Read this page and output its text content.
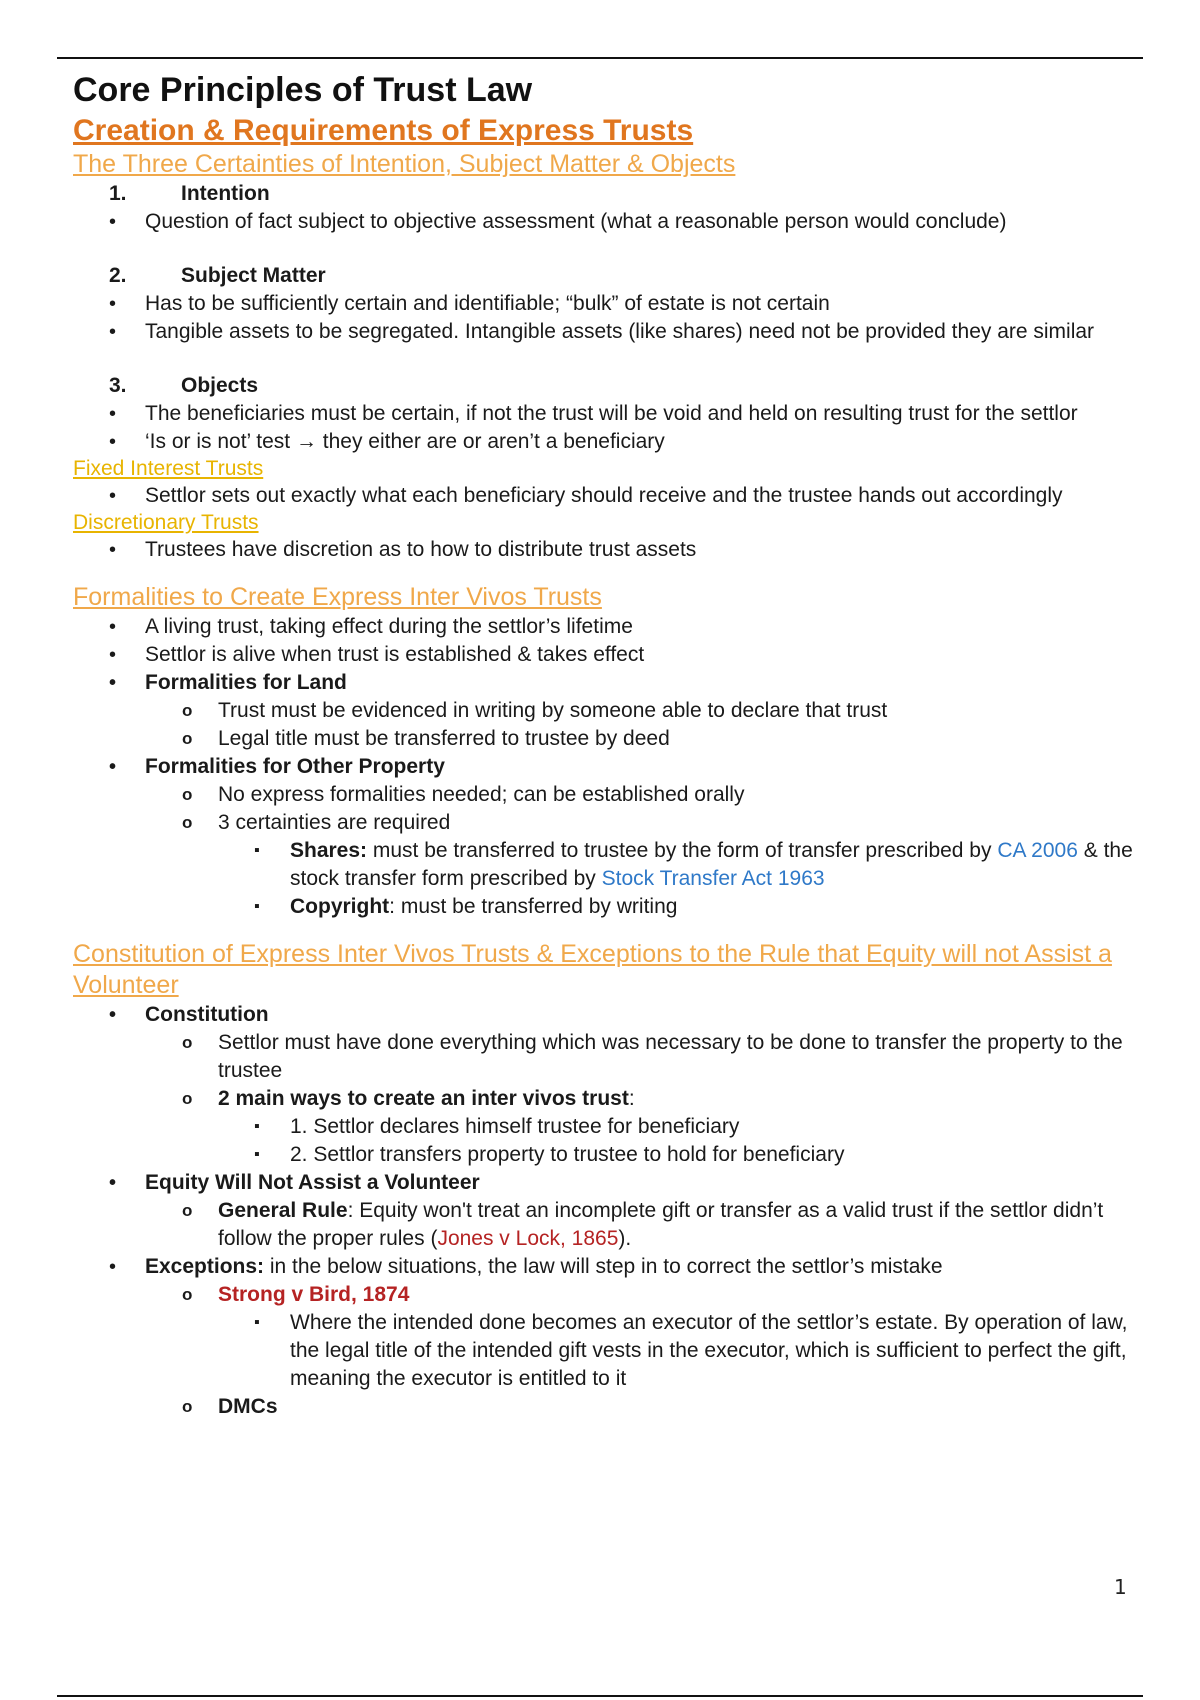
Core Principles of Trust Law
Creation & Requirements of Express Trusts
The Three Certainties of Intention, Subject Matter & Objects
1.	Intention
• Question of fact subject to objective assessment (what a reasonable person would conclude)
2.	Subject Matter
• Has to be sufficiently certain and identifiable; “bulk” of estate is not certain
• Tangible assets to be segregated. Intangible assets (like shares) need not be provided they are similar
3.	Objects
• The beneficiaries must be certain, if not the trust will be void and held on resulting trust for the settlor
• ‘Is or is not’ test → they either are or aren’t a beneficiary
Fixed Interest Trusts
• Settlor sets out exactly what each beneficiary should receive and the trustee hands out accordingly
Discretionary Trusts
• Trustees have discretion as to how to distribute trust assets
Formalities to Create Express Inter Vivos Trusts
• A living trust, taking effect during the settlor’s lifetime
• Settlor is alive when trust is established & takes effect
• Formalities for Land
o Trust must be evidenced in writing by someone able to declare that trust
o Legal title must be transferred to trustee by deed
• Formalities for Other Property
o No express formalities needed; can be established orally
o 3 certainties are required
▪ Shares: must be transferred to trustee by the form of transfer prescribed by CA 2006 & the stock transfer form prescribed by Stock Transfer Act 1963
▪ Copyright: must be transferred by writing
Constitution of Express Inter Vivos Trusts & Exceptions to the Rule that Equity will not Assist a Volunteer
• Constitution
o Settlor must have done everything which was necessary to be done to transfer the property to the trustee
o 2 main ways to create an inter vivos trust:
▪ 1. Settlor declares himself trustee for beneficiary
▪ 2. Settlor transfers property to trustee to hold for beneficiary
• Equity Will Not Assist a Volunteer
o General Rule: Equity won't treat an incomplete gift or transfer as a valid trust if the settlor didn’t follow the proper rules (Jones v Lock, 1865).
• Exceptions: in the below situations, the law will step in to correct the settlor’s mistake
o Strong v Bird, 1874
▪ Where the intended done becomes an executor of the settlor’s estate. By operation of law, the legal title of the intended gift vests in the executor, which is sufficient to perfect the gift, meaning the executor is entitled to it
o DMCs
1
